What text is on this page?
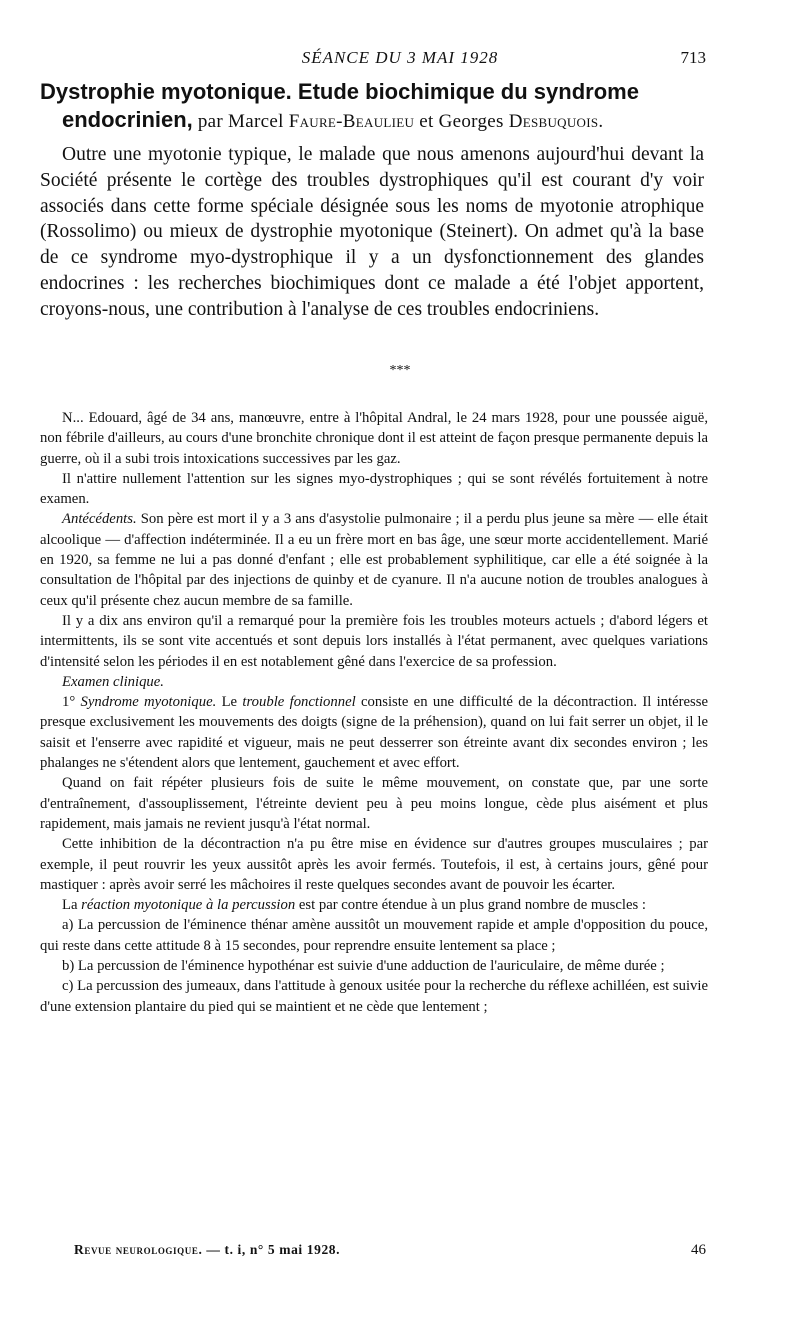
SÉANCE DU 3 MAI 1928	713
Dystrophie myotonique. Etude biochimique du syndrome
endocrinien, par Marcel Faure-Beaulieu et Georges Desbuquois.

Outre une myotonie typique, le malade que nous amenons aujourd'hui devant la Société présente le cortège des troubles dystrophiques qu'il est courant d'y voir associés dans cette forme spéciale désignée sous les noms de myotonie atrophique (Rossolimo) ou mieux de dystrophie myotonique (Steinert). On admet qu'à la base de ce syndrome myo-dystrophique il y a un dysfonctionnement des glandes endocrines : les recherches biochimiques dont ce malade a été l'objet apportent, croyons-nous, une contribution à l'analyse de ces troubles endocriniens.

***

N... Edouard, âgé de 34 ans, manœuvre, entre à l'hôpital Andral, le 24 mars 1928, pour une poussée aiguë, non fébrile d'ailleurs, au cours d'une bronchite chronique dont il est atteint de façon presque permanente depuis la guerre, où il a subi trois intoxications successives par les gaz.

Il n'attire nullement l'attention sur les signes myo-dystrophiques ; qui se sont révélés fortuitement à notre examen.

Antécédents. Son père est mort il y a 3 ans d'asystolie pulmonaire ; il a perdu plus jeune sa mère — elle était alcoolique — d'affection indéterminée. Il a eu un frère mort en bas âge, une sœur morte accidentellement. Marié en 1920, sa femme ne lui a pas donné d'enfant ; elle est probablement syphilitique, car elle a été soignée à la consultation de l'hôpital par des injections de quinby et de cyanure. Il n'a aucune notion de troubles analogues à ceux qu'il présente chez aucun membre de sa famille.

Il y a dix ans environ qu'il a remarqué pour la première fois les troubles moteurs actuels ; d'abord légers et intermittents, ils se sont vite accentués et sont depuis lors installés à l'état permanent, avec quelques variations d'intensité selon les périodes il en est notablement gêné dans l'exercice de sa profession.

Examen clinique.

1° Syndrome myotonique. Le trouble fonctionnel consiste en une difficulté de la décontraction. Il intéresse presque exclusivement les mouvements des doigts (signe de la préhension), quand on lui fait serrer un objet, il le saisit et l'enserre avec rapidité et vigueur, mais ne peut desserrer son étreinte avant dix secondes environ ; les phalanges ne s'étendent alors que lentement, gauchement et avec effort.

Quand on fait répéter plusieurs fois de suite le même mouvement, on constate que, par une sorte d'entraînement, d'assouplissement, l'étreinte devient peu à peu moins longue, cède plus aisément et plus rapidement, mais jamais ne revient jusqu'à l'état normal.

Cette inhibition de la décontraction n'a pu être mise en évidence sur d'autres groupes musculaires ; par exemple, il peut rouvrir les yeux aussitôt après les avoir fermés. Toutefois, il est, à certains jours, gêné pour mastiquer : après avoir serré les mâchoires il reste quelques secondes avant de pouvoir les écarter.

La réaction myotonique à la percussion est par contre étendue à un plus grand nombre de muscles :

a) La percussion de l'éminence thénar amène aussitôt un mouvement rapide et ample d'opposition du pouce, qui reste dans cette attitude 8 à 15 secondes, pour reprendre ensuite lentement sa place ;

b) La percussion de l'éminence hypothénar est suivie d'une adduction de l'auriculaire, de même durée ;

c) La percussion des jumeaux, dans l'attitude à genoux usitée pour la recherche du réflexe achilléen, est suivie d'une extension plantaire du pied qui se maintient et ne cède que lentement ;

Revue neurologique. — t. i, n° 5 mai 1928.	46
